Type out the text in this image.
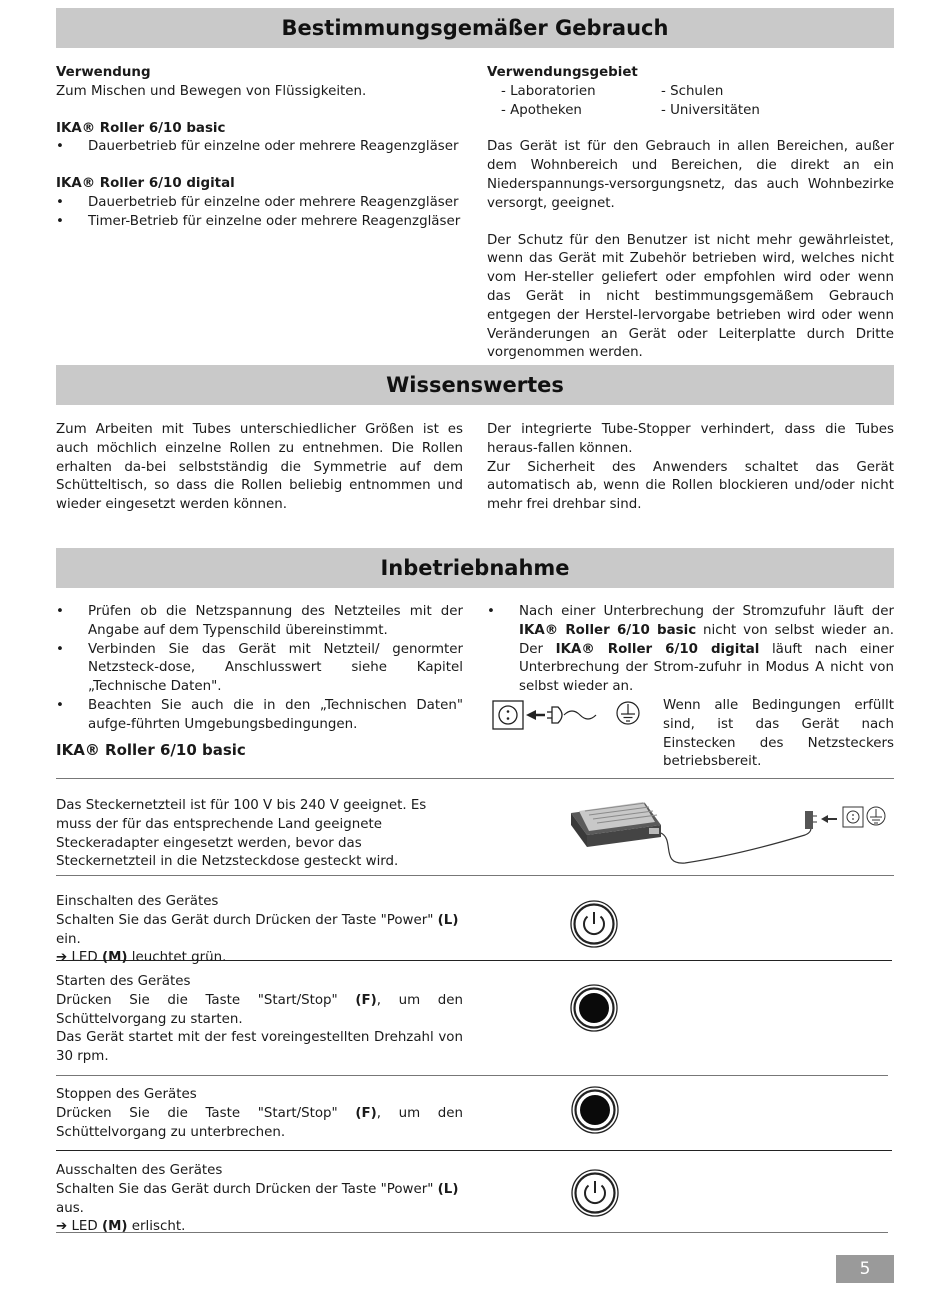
Bestimmungsgemäßer Gebrauch

Verwendung

Zum Mischen und Bewegen von Flüssigkeiten.

IKA® Roller 6/10 basic

•	Dauerbetrieb für einzelne oder mehrere Reagenzgläser

IKA® Roller 6/10 digital

•	Dauerbetrieb für einzelne oder mehrere Reagenzgläser
•	Timer-Betrieb für einzelne oder mehrere Reagenzgläser

Verwendungsgebiet

- Laboratorien	- Schulen
- Apotheken	- Universitäten

Das Gerät ist für den Gebrauch in allen Bereichen, außer dem Wohnbereich und Bereichen, die direkt an ein Niederspannungs-versorgungsnetz, das auch Wohnbezirke versorgt, geeignet.

Der Schutz für den Benutzer ist nicht mehr gewährleistet, wenn das Gerät mit Zubehör betrieben wird, welches nicht vom Her-steller geliefert oder empfohlen wird oder wenn das Gerät in nicht bestimmungsgemäßem Gebrauch entgegen der Herstel-lervorgabe betrieben wird oder wenn Veränderungen an Gerät oder Leiterplatte durch Dritte vorgenommen werden.

Wissenswertes

Zum Arbeiten mit Tubes unterschiedlicher Größen ist es auch möchlich einzelne Rollen zu entnehmen. Die Rollen erhalten da-bei selbstständig die Symmetrie auf dem Schütteltisch, so dass die Rollen beliebig entnommen und wieder eingesetzt werden können.

Der integrierte Tube-Stopper verhindert, dass die Tubes heraus-fallen können.

Zur Sicherheit des Anwenders schaltet das Gerät automatisch ab, wenn die Rollen blockieren und/oder nicht mehr frei drehbar sind.

Inbetriebnahme
•	Prüfen ob die Netzspannung des Netzteiles mit der Angabe auf dem Typenschild übereinstimmt.
•	Verbinden Sie das Gerät mit Netzteil/ genormter Netzsteck-dose, Anschlusswert siehe Kapitel „Technische Daten".
•	Beachten Sie auch die in den „Technischen Daten" aufge-führten Umgebungsbedingungen.
•	Nach einer Unterbrechung der Stromzufuhr läuft der IKA® Roller 6/10 basic nicht von selbst wieder an. Der IKA® Roller 6/10 digital läuft nach einer Unterbrechung der Strom-zufuhr in Modus A nicht von selbst wieder an.

Wenn alle Bedingungen erfüllt sind, ist das Gerät nach Einstecken des Netzsteckers betriebsbereit.

IKA® Roller 6/10 basic

Das Steckernetzteil ist für 100 V bis 240 V geeignet. Es muss der für das entsprechende Land geeignete Steckeradapter eingesetzt werden, bevor das Steckernetzteil in die Netzsteckdose gesteckt wird.

Einschalten des Gerätes

Schalten Sie das Gerät durch Drücken der Taste "Power" (L) ein.

➔ LED (M) leuchtet grün.

Starten des Gerätes

Drücken Sie die Taste "Start/Stop" (F), um den Schüttelvorgang zu starten.

Das Gerät startet mit der fest voreingestellten Drehzahl von 30 rpm.

Stoppen des Gerätes

Drücken Sie die Taste "Start/Stop" (F), um den Schüttelvorgang zu unterbrechen.

Ausschalten des Gerätes

Schalten Sie das Gerät durch Drücken der Taste "Power" (L) aus.

➔ LED (M) erlischt.

5
